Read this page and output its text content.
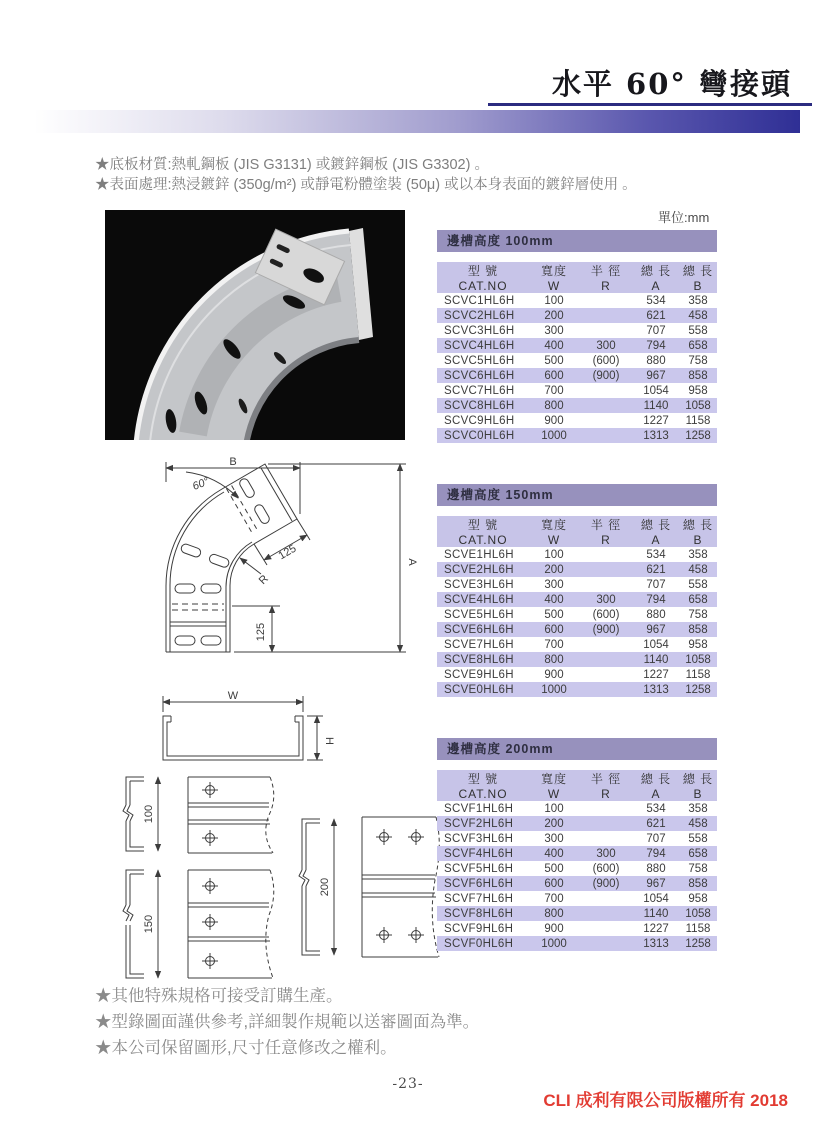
水平 60° 彎接頭

★底板材質:熱軋鋼板 (JIS G3131) 或鍍鋅鋼板 (JIS G3302) 。

★表面處理:熱浸鍍鋅 (350g/m²) 或靜電粉體塗裝 (50μ) 或以本身表面的鍍鋅層使用 。

單位:mm
B
60°
A
R
125
125
W
H
100
150
200
邊槽高度 100mm
型 號	寬度	半 徑	總 長	總 長
CAT.NO	W	R	A	B
SCVC1HL6H	100		534	358
SCVC2HL6H	200		621	458
SCVC3HL6H	300		707	558
SCVC4HL6H	400	300	794	658
SCVC5HL6H	500	(600)	880	758
SCVC6HL6H	600	(900)	967	858
SCVC7HL6H	700		1054	958
SCVC8HL6H	800		1140	1058
SCVC9HL6H	900		1227	1158
SCVC0HL6H	1000		1313	1258
邊槽高度 150mm
型 號	寬度	半 徑	總 長	總 長
CAT.NO	W	R	A	B
SCVE1HL6H	100		534	358
SCVE2HL6H	200		621	458
SCVE3HL6H	300		707	558
SCVE4HL6H	400	300	794	658
SCVE5HL6H	500	(600)	880	758
SCVE6HL6H	600	(900)	967	858
SCVE7HL6H	700		1054	958
SCVE8HL6H	800		1140	1058
SCVE9HL6H	900		1227	1158
SCVE0HL6H	1000		1313	1258
邊槽高度 200mm
型 號	寬度	半 徑	總 長	總 長
CAT.NO	W	R	A	B
SCVF1HL6H	100		534	358
SCVF2HL6H	200		621	458
SCVF3HL6H	300		707	558
SCVF4HL6H	400	300	794	658
SCVF5HL6H	500	(600)	880	758
SCVF6HL6H	600	(900)	967	858
SCVF7HL6H	700		1054	958
SCVF8HL6H	800		1140	1058
SCVF9HL6H	900		1227	1158
SCVF0HL6H	1000		1313	1258

★其他特殊規格可接受訂購生產。

★型錄圖面謹供參考,詳細製作規範以送審圖面為準。

★本公司保留圖形,尺寸任意修改之權利。

-23-
CLI 成利有限公司版權所有 2018
